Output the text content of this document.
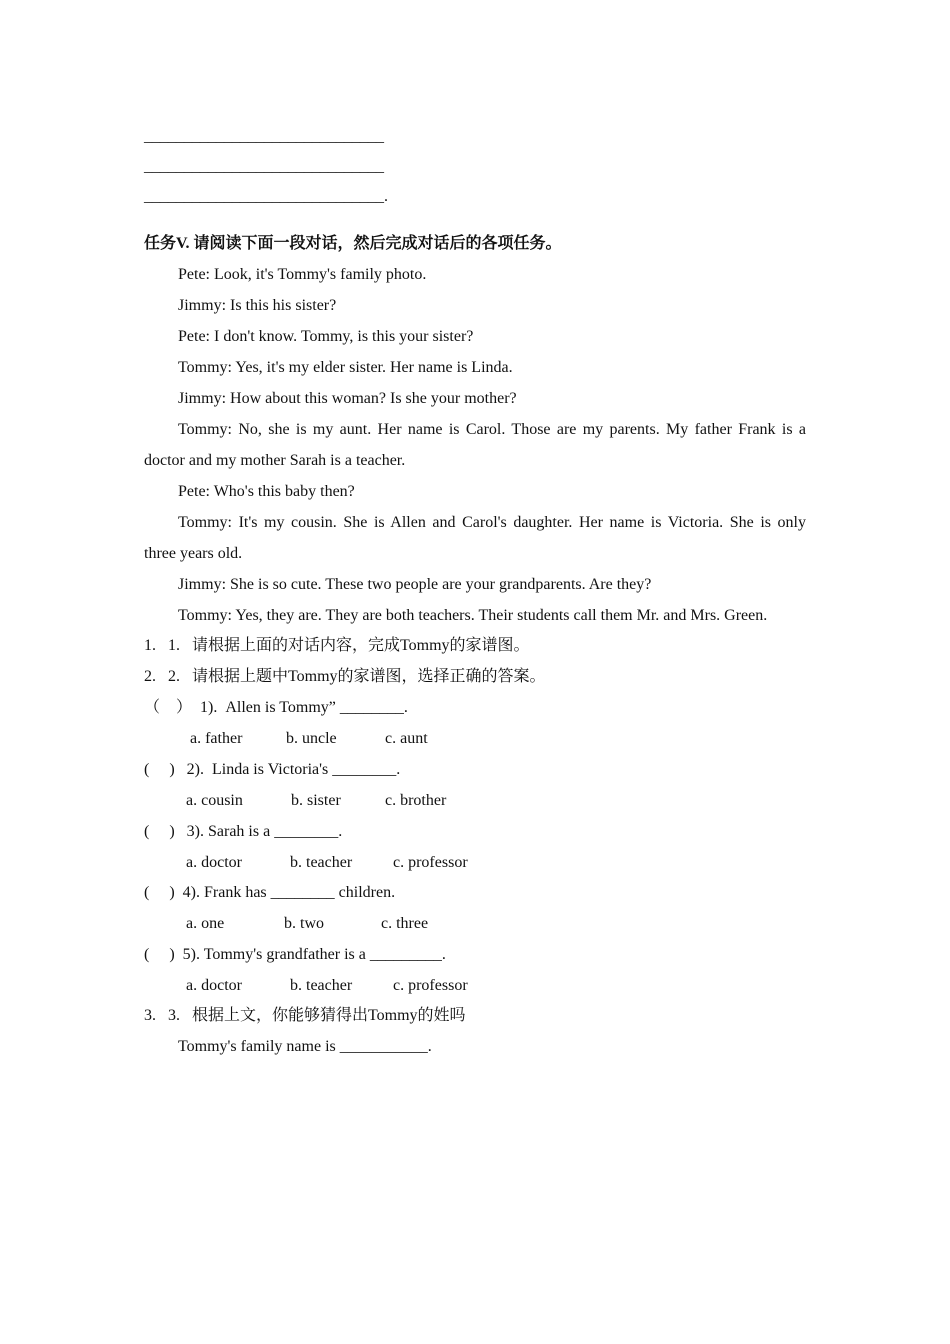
______________________________
______________________________
______________________________.
任务V. 请阅读下面一段对话，然后完成对话后的各项任务。
Pete: Look, it's Tommy's family photo.
Jimmy: Is this his sister?
Pete: I don't know. Tommy, is this your sister?
Tommy: Yes, it's my elder sister. Her name is Linda.
Jimmy: How about this woman? Is she your mother?
Tommy: No, she is my aunt. Her name is Carol. Those are my parents. My father Frank is a
doctor and my mother Sarah is a teacher.
Pete: Who's this baby then?
Tommy: It's my cousin. She is Allen and Carol's daughter. Her name is Victoria. She is only
three years old.
Jimmy: She is so cute. These two people are your grandparents. Are they?
Tommy: Yes, they are. They are both teachers. Their students call them Mr. and Mrs. Green.
1.   1.   请根据上面的对话内容，完成Tommy的家谱图。
2.   2.   请根据上题中Tommy的家谱图，选择正确的答案。
（    ）  1).  Allen is Tommy” ________.
a. father	b. uncle	c. aunt
(     )   2).  Linda is Victoria's ________.
a. cousin	b. sister	c. brother
(     )   3). Sarah is a ________.
a. doctor	b. teacher	c. professor
(     )  4). Frank has ________ children.
a. one	b. two	c. three
(     )  5). Tommy's grandfather is a _________.
a. doctor	b. teacher	c. professor
3.   3.   根据上文，你能够猜得出Tommy的姓吗
Tommy's family name is ___________.
